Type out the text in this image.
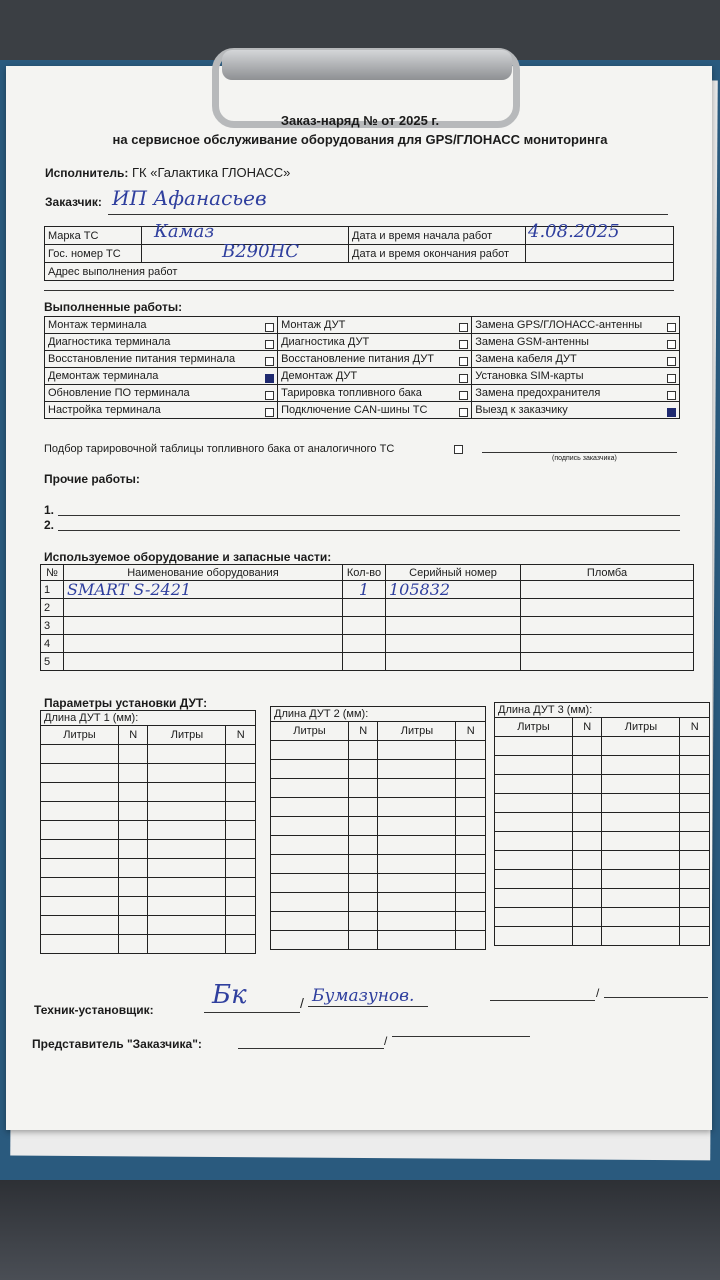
Заказ-наряд № от 2025 г.
на сервисное обслуживание оборудования для GPS/ГЛОНАСС мониторинга
Исполнитель: ГК «Галактика ГЛОНАСС»
Заказчик: ИП Афанасьев
Марка ТС	Камаз	Дата и время начала работ	4.08.2025

Гос. номер ТС	В290НС	Дата и время окончания работ	
Адрес выполнения работ			
Выполненные работы:
Монтаж терминала	Монтаж ДУТ	Замена GPS/ГЛОНАСС-антенны

Диагностика терминала	Диагностика ДУТ	Замена GSM-антенны

Восстановление питания терминала	Восстановление питания ДУТ	Замена кабеля ДУТ

Демонтаж терминала	Демонтаж ДУТ	Установка SIM-карты

Обновление ПО терминала	Тарировка топливного бака	Замена предохранителя

Настройка терминала	Подключение CAN-шины ТС	Выезд к заказчику
Подбор тарировочной таблицы топливного бака от аналогичного ТС
(подпись заказчика)
Прочие работы:
1.
2.
Используемое оборудование и запасные части:
№	Наименование оборудования	Кол-во	Серийный номер	Пломба
1	SMART S-2421	1	105832	
2				
3				
4				
5				
Параметры установки ДУТ:
Длина ДУТ 1 (мм):			
Литры	N	Литры	N

Длина ДУТ 2 (мм):			
Литры	N	Литры	N

Длина ДУТ 3 (мм):			
Литры	N	Литры	N

Техник-установщик: Бк	/ Бумазунов.	/
Представитель "Заказчика":	/
